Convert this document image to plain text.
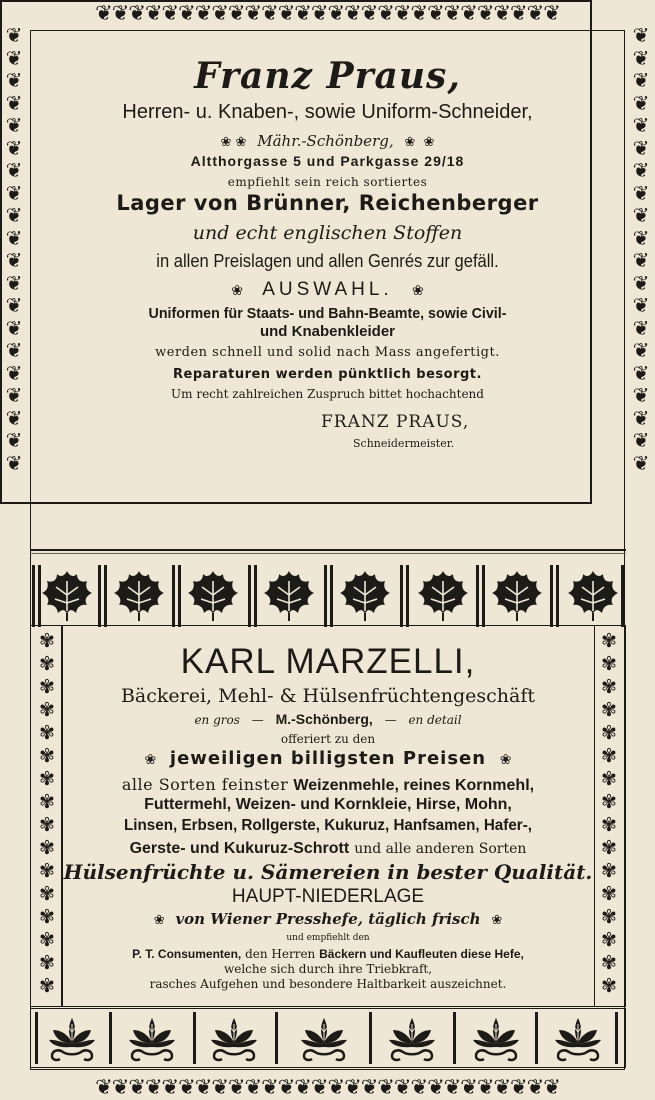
❦❦❦❦❦❦❦❦❦❦❦❦❦❦❦❦❦❦❦❦❦❦❦❦❦❦❦❦
❦❦❦❦❦❦❦❦❦❦❦❦❦❦❦❦❦❦❦❦❦❦❦❦❦❦❦❦
❦
❦
❦
❦
❦
❦
❦
❦
❦
❦
❦
❦
❦
❦
❦
❦
❦
❦
❦
❦
❦
❦
❦
❦
❦
❦
❦
❦
❦
❦
❦
❦
❦
❦
❦
❦
❦
❦
❦
❦
Franz Praus,
Herren- u. Knaben-, sowie Uniform-Schneider,
❀ ❀ Mähr.-Schönberg, ❀  ❀
Altthorgasse 5 und Parkgasse 29/18
empfiehlt sein reich sortiertes
Lager von Brünner, Reichenberger
und echt englischen Stoffen
in allen Preislagen und allen Genrés zur gefäll.
❀ AUSWAHL. ❀
Uniformen für Staats- und Bahn-Beamte, sowie Civil-
und Knabenkleider
werden schnell und solid nach Mass angefertigt.
Reparaturen werden pünktlich besorgt.
Um recht zahlreichen Zuspruch bittet hochachtend
FRANZ PRAUS,
Schneidermeister.
✾
✾
✾
✾
✾
✾
✾
✾
✾
✾
✾
✾
✾
✾
✾
✾
✾
✾
✾
✾
✾
✾
✾
✾
✾
✾
✾
✾
✾
✾
✾
✾
KARL MARZELLI,
Bäckerei, Mehl- & Hülsenfrüchtengeschäft
en gros — M.-Schönberg, — en detail
offeriert zu den
❀ jeweiligen billigsten Preisen ❀
alle Sorten feinster Weizenmehle, reines Kornmehl,
Futtermehl, Weizen- und Kornkleie, Hirse, Mohn,
Linsen, Erbsen, Rollgerste, Kukuruz, Hanfsamen, Hafer-,
Gerste- und Kukuruz-Schrott und alle anderen Sorten
Hülsenfrüchte u. Sämereien in bester Qualität.
HAUPT-NIEDERLAGE
❀ von Wiener Presshefe, täglich frisch ❀
und empfiehlt den
P. T. Consumenten, den Herren Bäckern und Kaufleuten diese Hefe,
welche sich durch ihre Triebkraft,
rasches Aufgehen und besondere Haltbarkeit auszeichnet.
